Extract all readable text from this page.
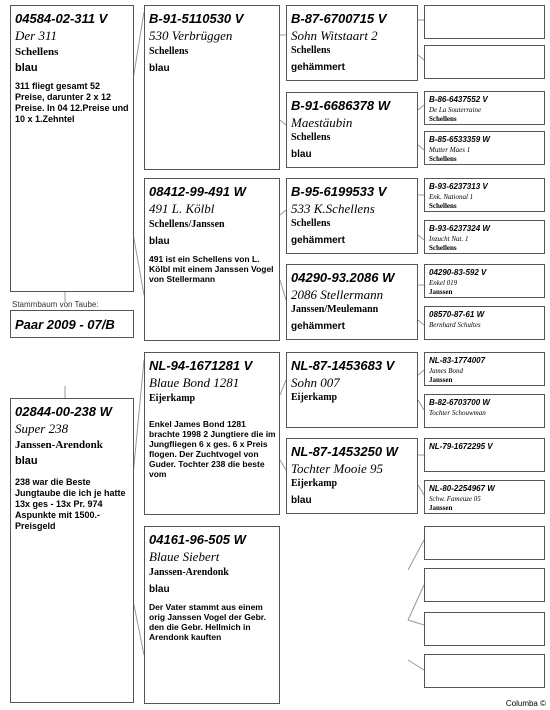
04584-02-311 V
Der 311
Schellens
blau
311 fliegt gesamt 52 Preise, darunter 2 x 12 Preise. In 04 12.Preise und 10 x 1.Zehntel
Stammbaum von Taube:
Paar 2009 - 07/B
02844-00-238 W
Super 238
Janssen-Arendonk
blau
238 war die Beste Jungtaube die ich je hatte 13x ges - 13x Pr. 974 Aspunkte mit 1500.- Preisgeld
B-91-5110530 V
530 Verbrüggen
Schellens
blau
08412-99-491 W
491 L. Kölbl
Schellens/Janssen
blau
491 ist ein Schellens von L. Kölbl mit einem Janssen Vogel von Stellermann
NL-94-1671281 V
Blaue Bond 1281
Eijerkamp
Enkel James Bond 1281 brachte 1998 2 Jungtiere die im Jungfliegen 6 x ges. 6 x Preis flogen. Der Zuchtvogel von Guder. Tochter 238 die beste vom
04161-96-505 W
Blaue Siebert
Janssen-Arendonk
blau
Der Vater stammt aus einem orig Janssen Vogel der Gebr. den die Gebr. Hellmich in Arendonk kauften
B-87-6700715 V
Sohn Witstaart 2
Schellens
gehämmert
B-91-6686378 W
Maestäubin
Schellens
blau
B-95-6199533 V
533 K.Schellens
Schellens
gehämmert
04290-93.2086 W
2086 Stellermann
Janssen/Meulemann
gehämmert
NL-87-1453683 V
Sohn 007
Eijerkamp
NL-87-1453250 W
Tochter Mooie 95
Eijerkamp
blau
B-86-6437552 V
De La Souterraine
Schellens
B-85-6533359 W
Mutter Maes 1
Schellens
B-93-6237313 V
Enk. National 1
Schellens
B-93-6237324 W
Inzucht Nat. 1
Schellens
04290-83-592 V
Enkel 019
Janssen
08570-87-61 W
Bernhard Schultes
NL-83-1774007
James Bond
Janssen
B-82-6703700 W
Tochter Schouwman
NL-79-1672295 V
NL-80-2254967 W
Schw. Fameuze 05
Janssen
Columba ©
